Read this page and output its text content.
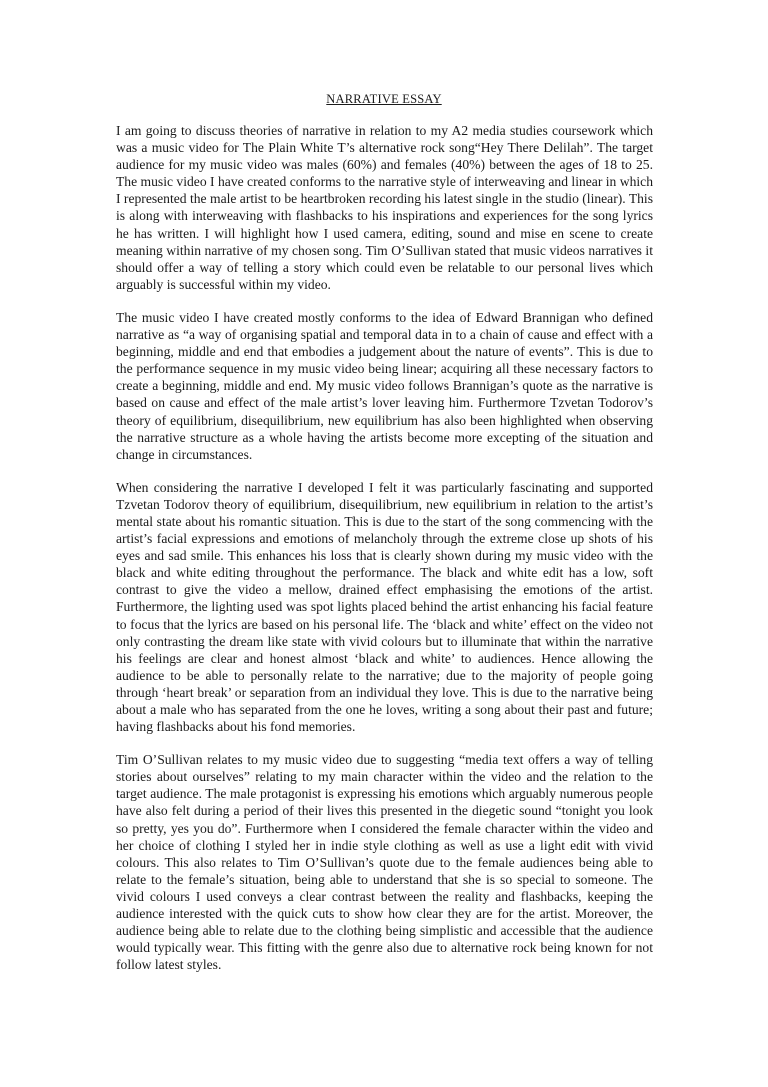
NARRATIVE ESSAY

I am going to discuss theories of narrative in relation to my A2 media studies coursework which was a music video for The Plain White T’s alternative rock song“Hey There Delilah”. The target audience for my music video was males (60%) and females (40%) between the ages of 18 to 25. The music video I have created conforms to the narrative style of interweaving and linear in which I represented the male artist to be heartbroken recording his latest single in the studio (linear). This is along with interweaving with flashbacks to his inspirations and experiences for the song lyrics he has written. I will highlight how I used camera, editing, sound and mise en scene to create meaning within narrative of my chosen song. Tim O’Sullivan stated that music videos narratives it should offer a way of telling a story which could even be relatable to our personal lives which arguably is successful within my video.

The music video I have created mostly conforms to the idea of Edward Brannigan who defined narrative as “a way of organising spatial and temporal data in to a chain of cause and effect with a beginning, middle and end that embodies a judgement about the nature of events”. This is due to the performance sequence in my music video being linear; acquiring all these necessary factors to create a beginning, middle and end. My music video follows Brannigan’s quote as the narrative is based on cause and effect of the male artist’s lover leaving him. Furthermore Tzvetan Todorov’s theory of equilibrium, disequilibrium, new equilibrium has also been highlighted when observing the narrative structure as a whole having the artists become more excepting of the situation and change in circumstances.

When considering the narrative I developed I felt it was particularly fascinating and supported Tzvetan Todorov theory of equilibrium, disequilibrium, new equilibrium in relation to the artist’s mental state about his romantic situation. This is due to the start of the song commencing with the artist’s facial expressions and emotions of melancholy through the extreme close up shots of his eyes and sad smile. This enhances his loss that is clearly shown during my music video with the black and white editing throughout the performance. The black and white edit has a low, soft contrast to give the video a mellow, drained effect emphasising the emotions of the artist. Furthermore, the lighting used was spot lights placed behind the artist enhancing his facial feature to focus that the lyrics are based on his personal life. The ‘black and white’ effect on the video not only contrasting the dream like state with vivid colours but to illuminate that within the narrative his feelings are clear and honest almost ‘black and white’ to audiences. Hence allowing the audience to be able to personally relate to the narrative; due to the majority of people going through ‘heart break’ or separation from an individual they love. This is due to the narrative being about a male who has separated from the one he loves, writing a song about their past and future; having flashbacks about his fond memories.

Tim O’Sullivan relates to my music video due to suggesting “media text offers a way of telling stories about ourselves” relating to my main character within the video and the relation to the target audience. The male protagonist is expressing his emotions which arguably numerous people have also felt during a period of their lives this presented in the diegetic sound “tonight you look so pretty, yes you do”. Furthermore when I considered the female character within the video and her choice of clothing I styled her in indie style clothing as well as use a light edit with vivid colours. This also relates to Tim O’Sullivan’s quote due to the female audiences being able to relate to the female’s situation, being able to understand that she is so special to someone. The vivid colours I used conveys a clear contrast between the reality and flashbacks, keeping the audience interested with the quick cuts to show how clear they are for the artist. Moreover, the audience being able to relate due to the clothing being simplistic and accessible that the audience would typically wear. This fitting with the genre also due to alternative rock being known for not follow latest styles.
